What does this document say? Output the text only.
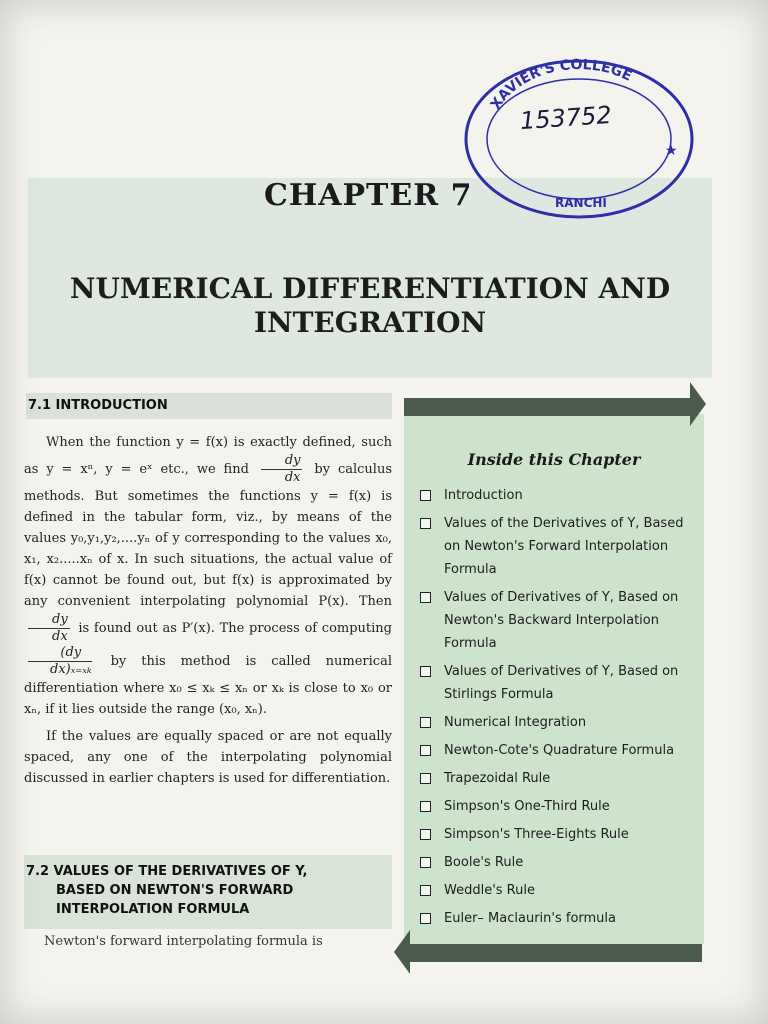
XAVIER'S COLLEGE
RANCHI
★
153752
CHAPTER 7
NUMERICAL DIFFERENTIATION AND
INTEGRATION
7.1 INTRODUCTION

When the function y = f(x) is exactly defined, such as y = xⁿ, y = eˣ etc., we find $\frac{dy}{dx}$ by calculus methods. But sometimes the functions y = f(x) is defined in the tabular form, viz., by means of the values y₀,y₁,y₂,....yₙ of y corresponding to the values x₀, x₁, x₂.....xₙ of x. In such situations, the actual value of f(x) cannot be found out, but f(x) is approximated by any convenient interpolating polynomial P(x). Then
$\frac{dy}{dx}$ is found out as P′(x). The process of computing
$\frac{(dy}{\text{dx)ₓ₌ₓₖ}}$ by this method is called numerical differentiation where x₀ ≤ xₖ ≤ xₙ or xₖ is close to x₀ or xₙ, if it lies outside the range (x₀, xₙ).

If the values are equally spaced or are not equally spaced, any one of the interpolating polynomial discussed in earlier chapters is used for differentiation.

7.2 VALUES OF THE DERIVATIVES OF Y,
BASED ON NEWTON'S FORWARD
INTERPOLATION FORMULA
Newton's forward interpolating formula is
Inside this Chapter
Introduction
Values of the Derivatives of Y, Based on Newton's Forward Interpolation Formula
Values of Derivatives of Y, Based on Newton's Backward Interpolation Formula
Values of Derivatives of Y, Based on Stirlings Formula
Numerical Integration
Newton-Cote's Quadrature Formula
Trapezoidal Rule
Simpson's One-Third Rule
Simpson's Three-Eights Rule
Boole's Rule
Weddle's Rule
Euler– Maclaurin's formula
